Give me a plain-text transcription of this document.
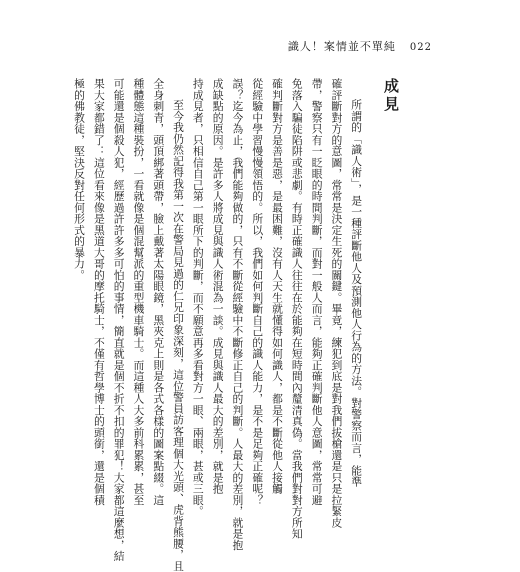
識人！案情並不單純 022
成見
所謂的「識人術」，是一種評斷他人及預測他人行為的方法。對警察而言，能準
確評斷對方的意圖，常常是決定生死的關鍵。畢竟，練犯到底是對我們拔槍還是只是拉緊皮
帶，警察只有一眨眼的時間判斷，而對一般人而言，能夠正確判斷他人意圖，常常可避
免落入騙徒陷阱或悲劇。有時正確識人往往在於能夠在短時間內釐清真偽。當我們對對方所知
確判斷對方是善是惡，是最困難，沒有人天生就懂得如何識人，都是不斷從他人接觸
從經驗中學習慢慢領悟的。所以，我們如何判斷自己的識人能力，是不是足夠正確呢？
誤？迄今為止，我們能夠做的，只有不斷從經驗中不斷修正自己的判斷。人最大的差別，就是抱
成缺點的原因。是許多人將成見與識人術混為一談。成見與識人最大的差別，就是抱
持成見者，只相信自己第一眼所下的判斷，而不願意再多看對方一眼、兩眼，甚或三眼。
至今我仍然記得我第一次在警局見過的仁兄印象深刻，這位警員訪客理個大光頭、虎背熊腰，且
全身刺青，頭頂綁著頭帶，臉上戴著太陽眼鏡，黑夾克上則是各式各樣的圖案點綴。這
種體態這種裝扮，一看就像是個混幫派的重型機車騎士。而這種人大多前科累累，甚至
可能還是個殺人犯，經歷過許許多多可怕的事情，簡直就是個不折不扣的罪犯！大家都這麼想，結
果大家都錯了：這位看來像是黑道大哥的摩托騎士，不僅有哲學博士的頭銜，還是個積
極的佛教徒，堅決反對任何形式的暴力。
